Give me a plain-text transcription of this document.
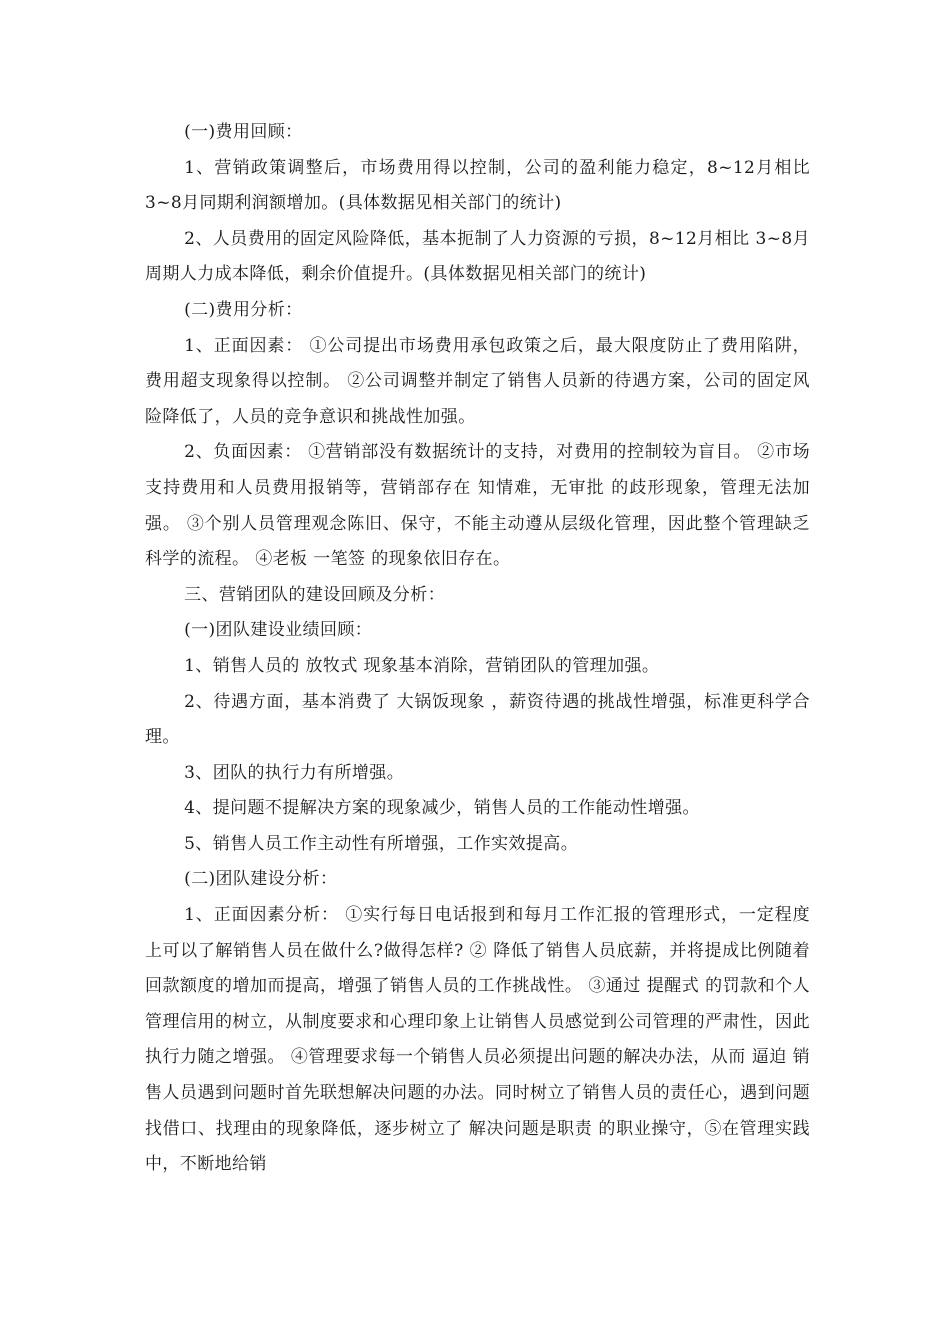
(一)费用回顾：

1、营销政策调整后，市场费用得以控制，公司的盈利能力稳定，8~12月相比 3~8月同期利润额增加。(具体数据见相关部门的统计)

2、人员费用的固定风险降低，基本扼制了人力资源的亏损，8~12月相比 3~8月周期人力成本降低，剩余价值提升。(具体数据见相关部门的统计)

(二)费用分析：

1、正面因素： ①公司提出市场费用承包政策之后，最大限度防止了费用陷阱，费用超支现象得以控制。 ②公司调整并制定了销售人员新的待遇方案，公司的固定风险降低了，人员的竞争意识和挑战性加强。

2、负面因素： ①营销部没有数据统计的支持，对费用的控制较为盲目。 ②市场支持费用和人员费用报销等，营销部存在 知情难，无审批 的歧形现象，管理无法加强。 ③个别人员管理观念陈旧、保守，不能主动遵从层级化管理，因此整个管理缺乏科学的流程。 ④老板 一笔签 的现象依旧存在。

三、营销团队的建设回顾及分析：

(一)团队建设业绩回顾：

1、销售人员的 放牧式 现象基本消除，营销团队的管理加强。

2、待遇方面，基本消费了 大锅饭现象 ，薪资待遇的挑战性增强，标准更科学合理。

3、团队的执行力有所增强。

4、提问题不提解决方案的现象减少，销售人员的工作能动性增强。

5、销售人员工作主动性有所增强，工作实效提高。

(二)团队建设分析：

1、正面因素分析： ①实行每日电话报到和每月工作汇报的管理形式，一定程度上可以了解销售人员在做什么?做得怎样? ② 降低了销售人员底薪，并将提成比例随着回款额度的增加而提高，增强了销售人员的工作挑战性。 ③通过 提醒式 的罚款和个人管理信用的树立，从制度要求和心理印象上让销售人员感觉到公司管理的严肃性，因此执行力随之增强。 ④管理要求每一个销售人员必须提出问题的解决办法，从而 逼迫 销售人员遇到问题时首先联想解决问题的办法。同时树立了销售人员的责任心，遇到问题找借口、找理由的现象降低，逐步树立了 解决问题是职责 的职业操守，⑤在管理实践中，不断地给销
